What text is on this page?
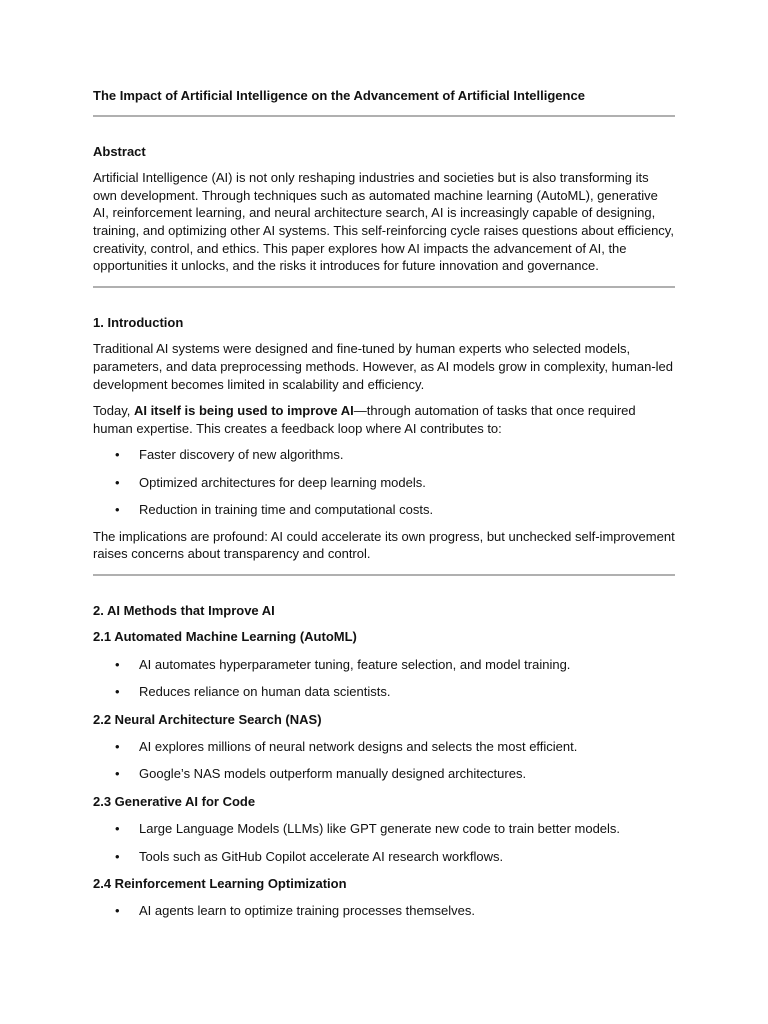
The Impact of Artificial Intelligence on the Advancement of Artificial Intelligence
Abstract

Artificial Intelligence (AI) is not only reshaping industries and societies but is also transforming its own development. Through techniques such as automated machine learning (AutoML), generative AI, reinforcement learning, and neural architecture search, AI is increasingly capable of designing, training, and optimizing other AI systems. This self-reinforcing cycle raises questions about efficiency, creativity, control, and ethics. This paper explores how AI impacts the advancement of AI, the opportunities it unlocks, and the risks it introduces for future innovation and governance.

1. Introduction

Traditional AI systems were designed and fine-tuned by human experts who selected models, parameters, and data preprocessing methods. However, as AI models grow in complexity, human-led development becomes limited in scalability and efficiency.

Today, AI itself is being used to improve AI—through automation of tasks that once required human expertise. This creates a feedback loop where AI contributes to:

• Faster discovery of new algorithms.
• Optimized architectures for deep learning models.
• Reduction in training time and computational costs.

The implications are profound: AI could accelerate its own progress, but unchecked self-improvement raises concerns about transparency and control.

2. AI Methods that Improve AI
2.1 Automated Machine Learning (AutoML)
• AI automates hyperparameter tuning, feature selection, and model training.
• Reduces reliance on human data scientists.
2.2 Neural Architecture Search (NAS)
• AI explores millions of neural network designs and selects the most efficient.
• Google’s NAS models outperform manually designed architectures.
2.3 Generative AI for Code
• Large Language Models (LLMs) like GPT generate new code to train better models.
• Tools such as GitHub Copilot accelerate AI research workflows.
2.4 Reinforcement Learning Optimization
• AI agents learn to optimize training processes themselves.
